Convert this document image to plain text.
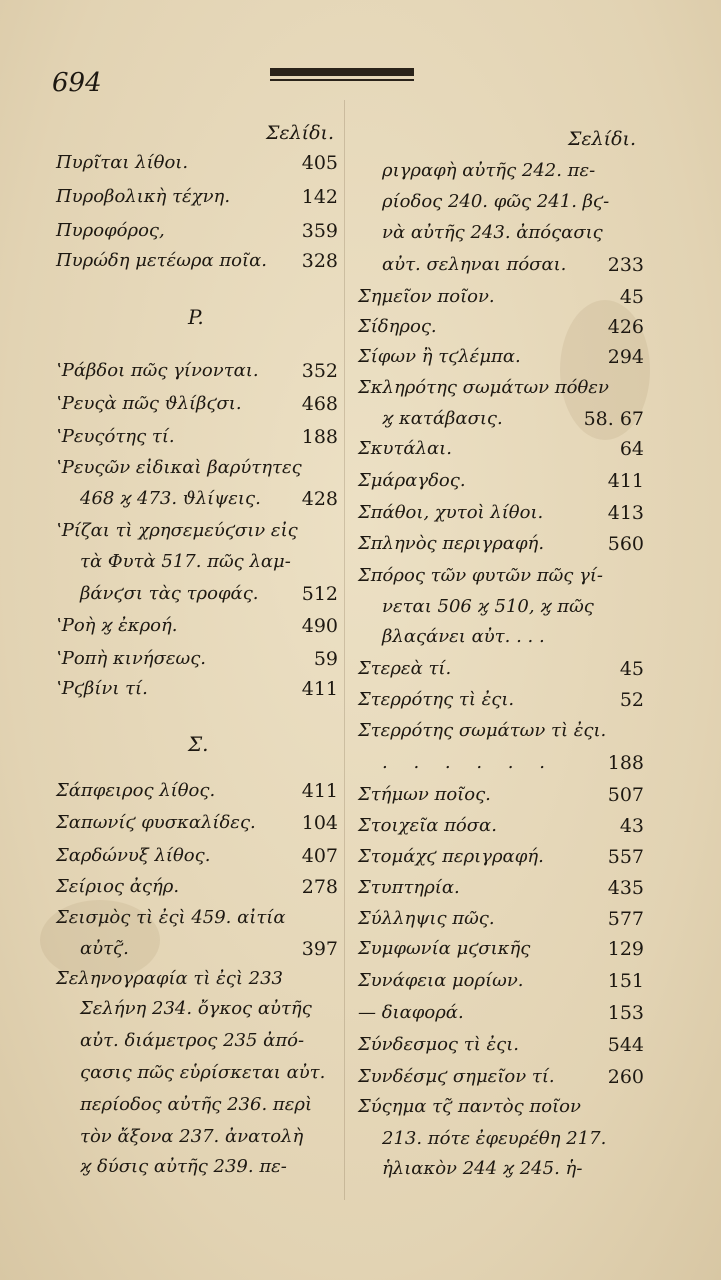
694
Σελίδι.
Πυρῖται λίθοι.	405
Πυροβολικὴ τέχνη.	142
Πυροφόρος,	359
Πυρώδη μετέωρα ποῖα. 328
P.
ʽΡάβδοι πῶς γίνονται. 352
ʽΡευςὰ πῶς ϑλίβϛσι.	468
ʽΡευςότης τί.	188
ʽΡευςῶν εἰδικαὶ βαρύτητες
468 ϗ 473. ϑλίψεις. 428
ʽΡίζαι τὶ χρησεμεύϛσιν εἰς
τὰ Φυτὰ 517. πῶς λαμ-
βάνϛσι τὰς τροφάς. 512
ʽΡοὴ ϗ ἐκροή.	490
ʽΡοπὴ κινήσεως.	59
ʽΡϛβίνι τί.	411
Σ.
Σάπφειρος λίθος.	411
Σαπωνίϛ φυσκαλίδες. 104
Σαρδώνυξ λίθος.	407
Σείριος ἀςήρ.	278
Σεισμὸς τὶ ἐςὶ 459. αἰτία
αὐτϛ̃.	397
Σεληνογραφία τὶ ἐςὶ 233
Σελήνη 234. ὄγκος αὐτῆς
αὐτ. διάμετρος 235 ἀπό-
ςασις πῶς εὑρίσκεται αὐτ.
περίοδος αὐτῆς 236. περὶ
τὸν ἄξονα 237. ἀνατολὴ
ϗ δύσις αὐτῆς 239. πε-
Σελίδι.
ριγραφὴ αὐτῆς 242. πε-
ρίοδος 240. φῶς 241. βϛ-
νὰ αὐτῆς 243. ἀπόςασις
αὐτ. σεληναι πόσαι. 233
Σημεῖον ποῖον.	45
Σίδηρος.	426
Σίφων ἢ τϛλέμπα.	294
Σκληρότης σωμάτων πόθεν
ϗ κατάβασις.	58. 67
Σκυτάλαι.	64
Σμάραγδος.	411
Σπάθοι, χυτοὶ λίθοι.	413
Σπληνὸς περιγραφή.	560
Σπόρος τῶν φυτῶν πῶς γί-
νεται 506 ϗ 510, ϗ πῶς
βλαςάνει αὐτ. . . .
Στερεὰ τί.	45
Στερρότης τὶ ἐςι.	52
Στερρότης σωμάτων τὶ ἐςι.
. . . . . .	188
Στήμων ποῖος.	507
Στοιχεῖα πόσα.	43
Στομάχϛ περιγραφή.	557
Στυπτηρία.	435
Σύλληψις πῶς.	577
Συμφωνία μϛσικῆς	129
Συνάφεια μορίων.	151
— διαφορά.	153
Σύνδεσμος τὶ ἐςι.	544
Συνδέσμϛ σημεῖον τί.	260
Σύςημα τϛ̃ παντὸς ποῖον
213. πότε ἐφευρέθη 217.
ἡλιακὸν 244 ϗ 245. ἡ-
